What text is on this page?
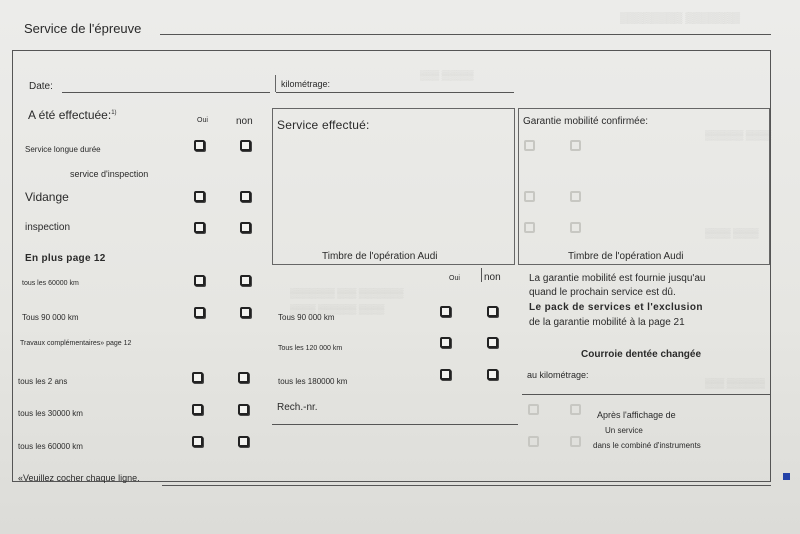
▒▒▒▒▒▒▒▒ ▒▒▒▒▒▒▒
▒▒▒ ▒▒▒▒▒
▒▒▒▒▒▒ ▒▒▒▒
▒▒▒▒ ▒▒▒▒
▒▒▒ ▒▒▒▒▒▒
▒▒▒▒▒▒▒ ▒▒▒ ▒▒▒▒▒▒▒
▒▒▒▒ ▒▒▒▒▒▒ ▒▒▒▒
Service de l'épreuve
Date:	kilométrage:
A été effectuée:$^{1)}$
Oui	non
Service longue durée
service d'inspection
Vidange
inspection
En plus page 12
tous les 60000 km
Tous 90 000 km
Travaux complémentaires» page 12
tous les 2 ans
tous les 30000 km
tous les 60000 km
«Veuillez cocher chaque ligne.
Service effectué:
Timbre de l'opération Audi
Oui non
Tous 90 000 km
Tous les 120 000 km
tous les 180000 km
Rech.-nr.
Garantie mobilité confirmée:
Timbre de l'opération Audi
La garantie mobilité est fournie jusqu'au
quand le prochain service est dû.
Le pack de services et l'exclusion
de la garantie mobilité à la page 21
Courroie dentée changée
au kilométrage:
Après l'affichage de
Un service
dans le combiné d'instruments
